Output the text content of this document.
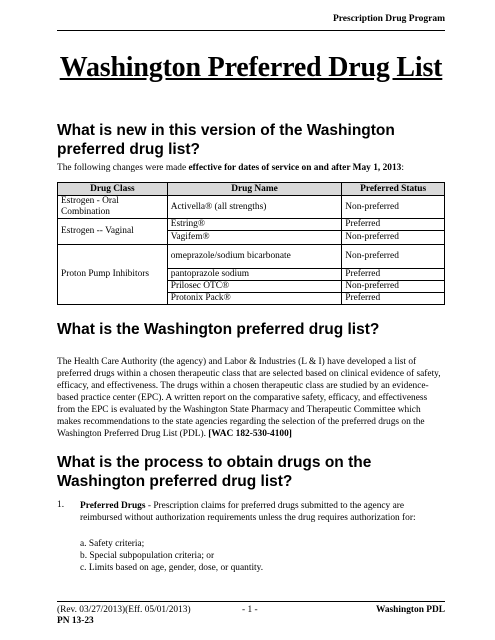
Prescription Drug Program
Washington Preferred Drug List
What is new in this version of the Washington preferred drug list?
The following changes were made effective for dates of service on and after May 1, 2013:
Drug Class	Drug Name	Preferred Status
Estrogen - Oral Combination	Activella® (all strengths)	Non-preferred
Estrogen -- Vaginal	Estring®	Preferred
	Vagifem®	Non-preferred
Proton Pump Inhibitors	omeprazole/sodium bicarbonate	Non-preferred
	pantoprazole sodium	Preferred
	Prilosec OTC®	Non-preferred
	Protonix Pack®	Preferred
What is the Washington preferred drug list?
The Health Care Authority (the agency) and Labor & Industries (L & I) have developed a list of preferred drugs within a chosen therapeutic class that are selected based on clinical evidence of safety, efficacy, and effectiveness. The drugs within a chosen therapeutic class are studied by an evidence-based practice center (EPC). A written report on the comparative safety, efficacy, and effectiveness from the EPC is evaluated by the Washington State Pharmacy and Therapeutic Committee which makes recommendations to the state agencies regarding the selection of the preferred drugs on the Washington Preferred Drug List (PDL). [WAC 182-530-4100]
What is the process to obtain drugs on the Washington preferred drug list?
1. Preferred Drugs - Prescription claims for preferred drugs submitted to the agency are reimbursed without authorization requirements unless the drug requires authorization for:
a. Safety criteria;
b. Special subpopulation criteria; or
c. Limits based on age, gender, dose, or quantity.
(Rev. 03/27/2013)(Eff. 05/01/2013)
PN 13-23
- 1 -	Washington PDL
